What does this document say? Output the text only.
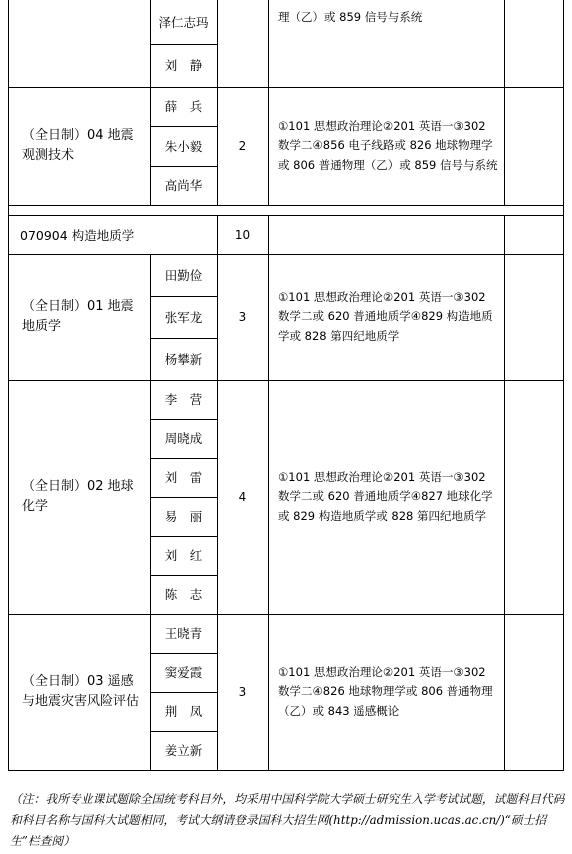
泽仁志玛
刘　静
理（乙）或 859 信号与系统
（全日制）04 地震观测技术
薛　兵
朱小毅
高尚华
2
①101 思想政治理论②201 英语一③302 数学二④856 电子线路或 826 地球物理学或 806 普通物理（乙）或 859 信号与系统
070904 构造地质学	10
（全日制）01 地震地质学
田勤俭
张军龙
杨攀新
3
①101 思想政治理论②201 英语一③302 数学二或 620 普通地质学④829 构造地质学或 828 第四纪地质学
（全日制）02 地球化学
李　营
周晓成
刘　雷
易　丽
刘　红
陈　志
4
①101 思想政治理论②201 英语一③302 数学二或 620 普通地质学④827 地球化学或 829 构造地质学或 828 第四纪地质学
（全日制）03 遥感与地震灾害风险评估
王晓青
窦爱霞
荆　凤
姜立新
3
①101 思想政治理论②201 英语一③302 数学二④826 地球物理学或 806 普通物理（乙）或 843 遥感概论
（注：我所专业课试题除全国统考科目外，均采用中国科学院大学硕士研究生入学考试试题，试题科目代码和科目名称与国科大试题相同，考试大纲请登录国科大招生网(http://admission.ucas.ac.cn/)“硕士招生”栏查阅）
